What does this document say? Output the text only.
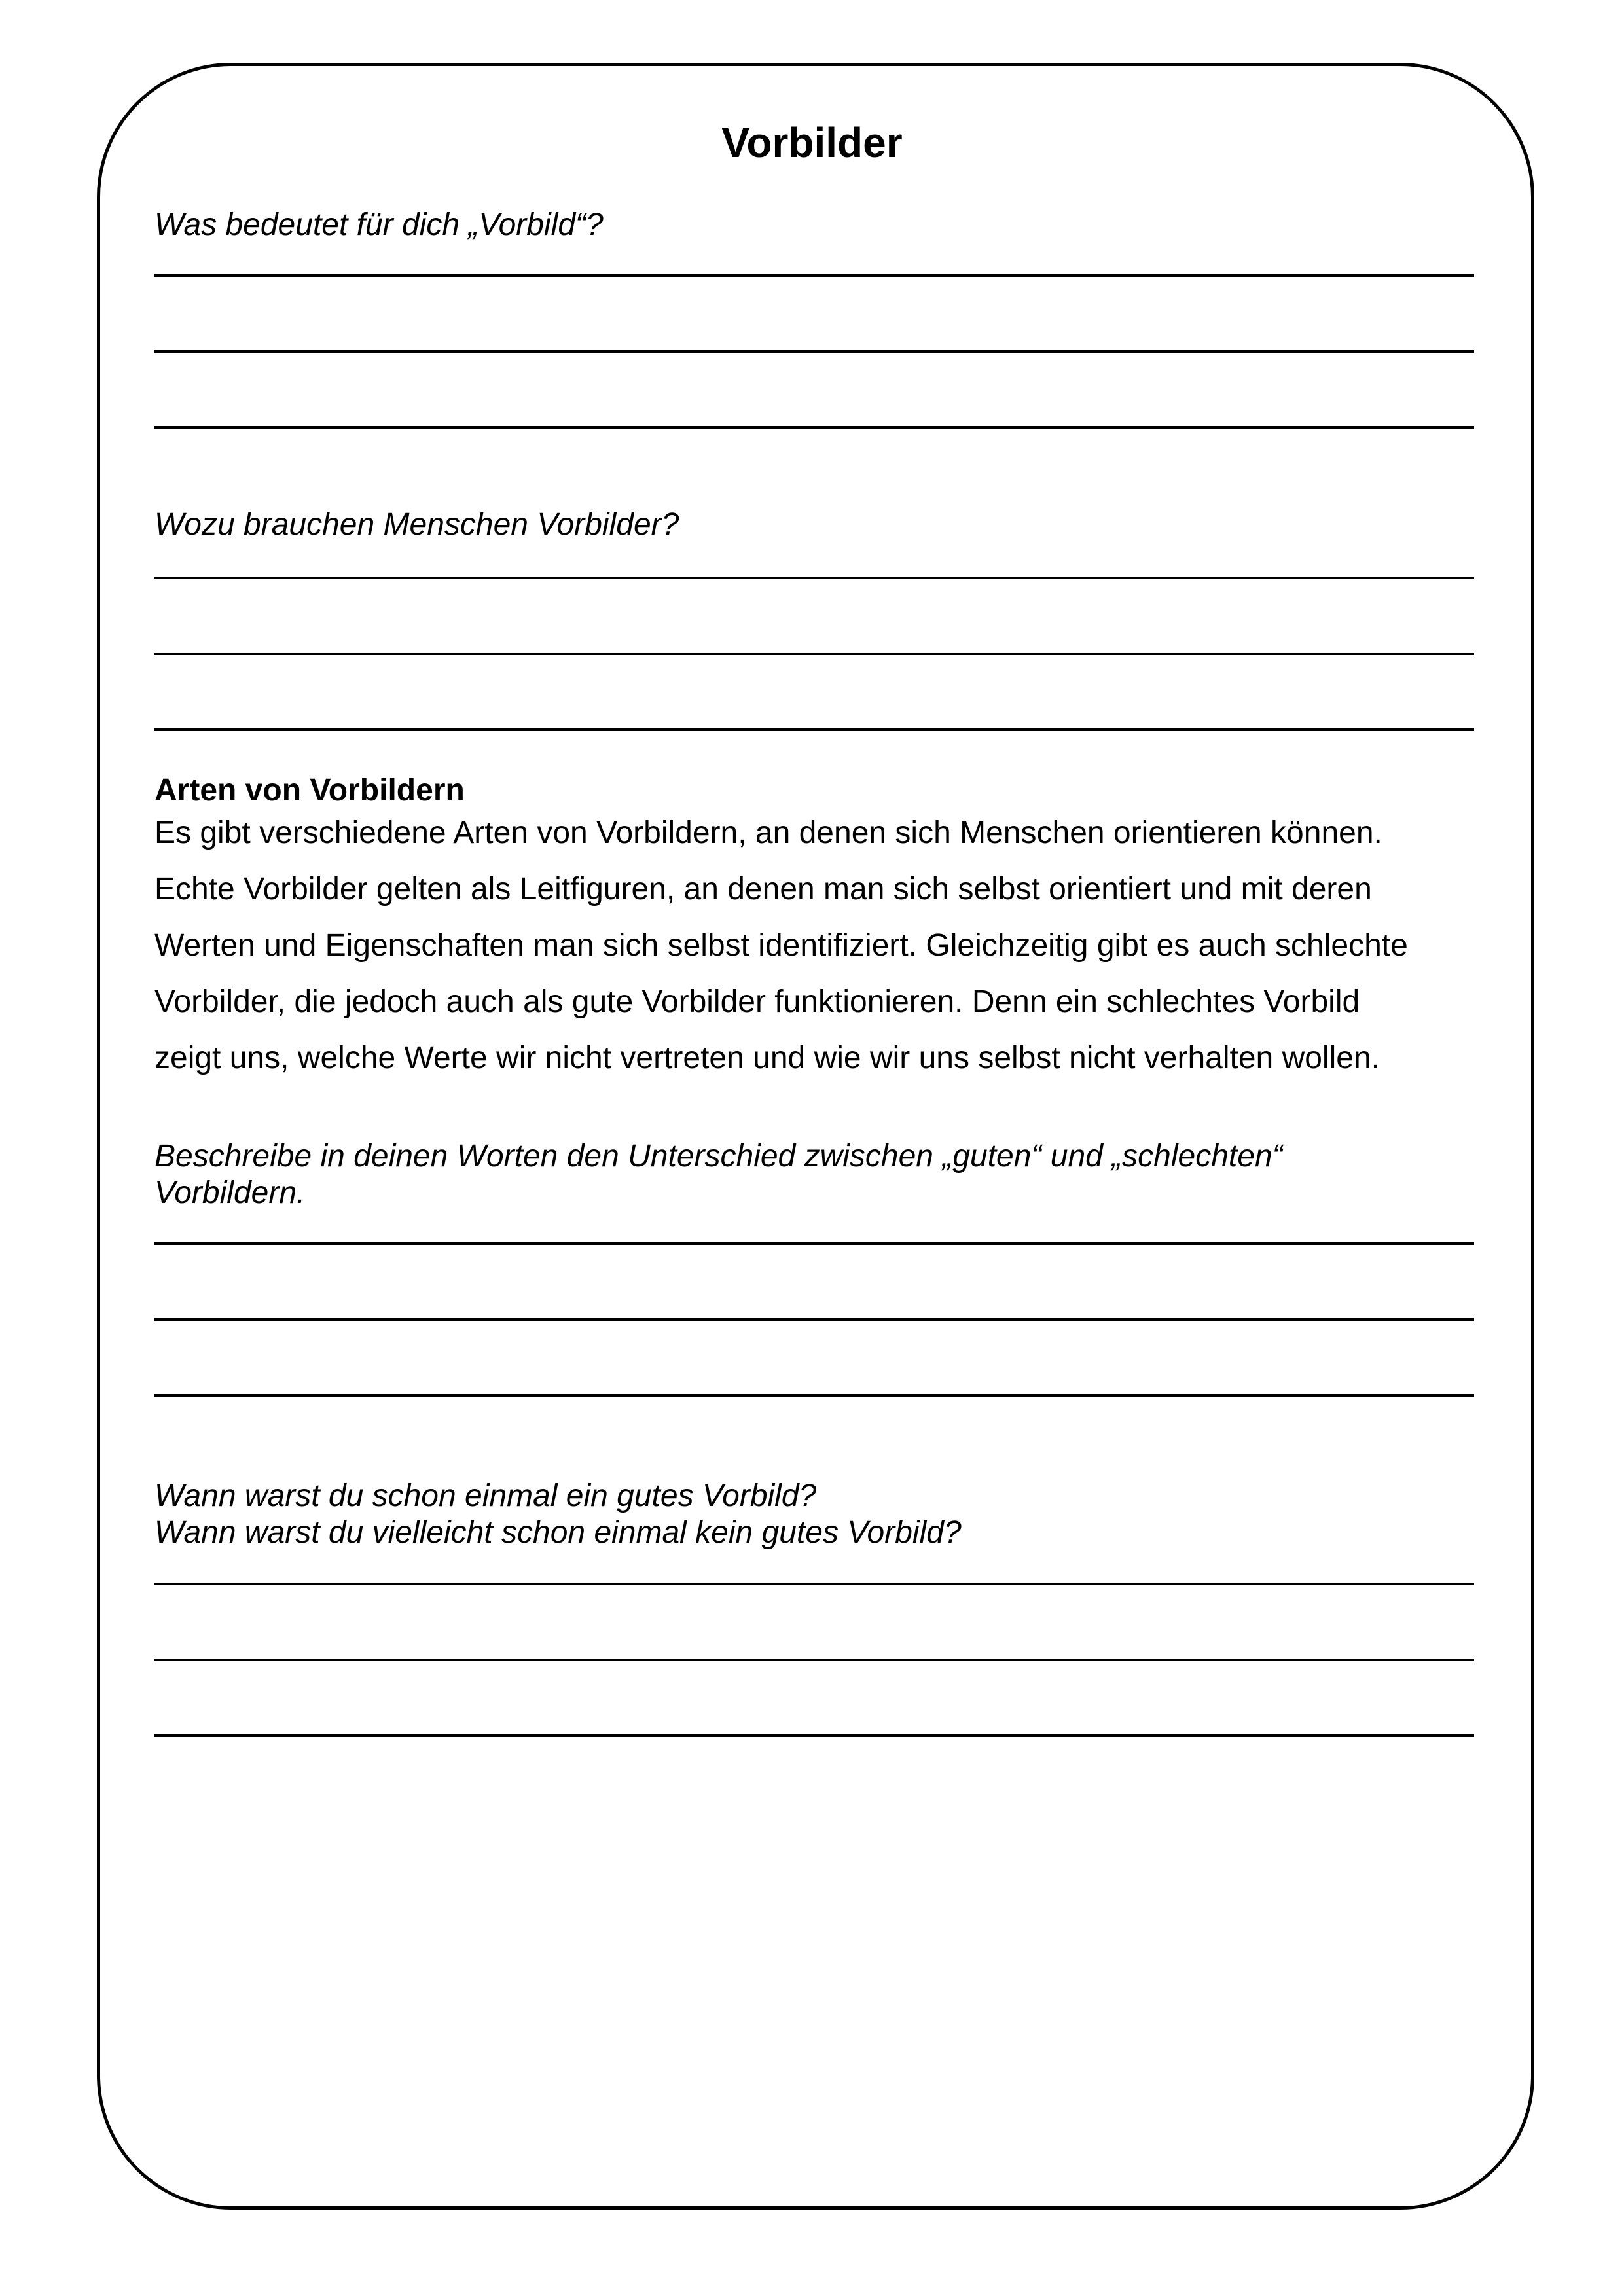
Vorbilder
Was bedeutet für dich „Vorbild“?
Wozu brauchen Menschen Vorbilder?
Arten von Vorbildern
Es gibt verschiedene Arten von Vorbildern, an denen sich Menschen orientieren können.
Echte Vorbilder gelten als Leitfiguren, an denen man sich selbst orientiert und mit deren
Werten und Eigenschaften man sich selbst identifiziert. Gleichzeitig gibt es auch schlechte
Vorbilder, die jedoch auch als gute Vorbilder funktionieren. Denn ein schlechtes Vorbild
zeigt uns, welche Werte wir nicht vertreten und wie wir uns selbst nicht verhalten wollen.
Beschreibe in deinen Worten den Unterschied zwischen „guten“ und „schlechten“
Vorbildern.
Wann warst du schon einmal ein gutes Vorbild?
Wann warst du vielleicht schon einmal kein gutes Vorbild?
